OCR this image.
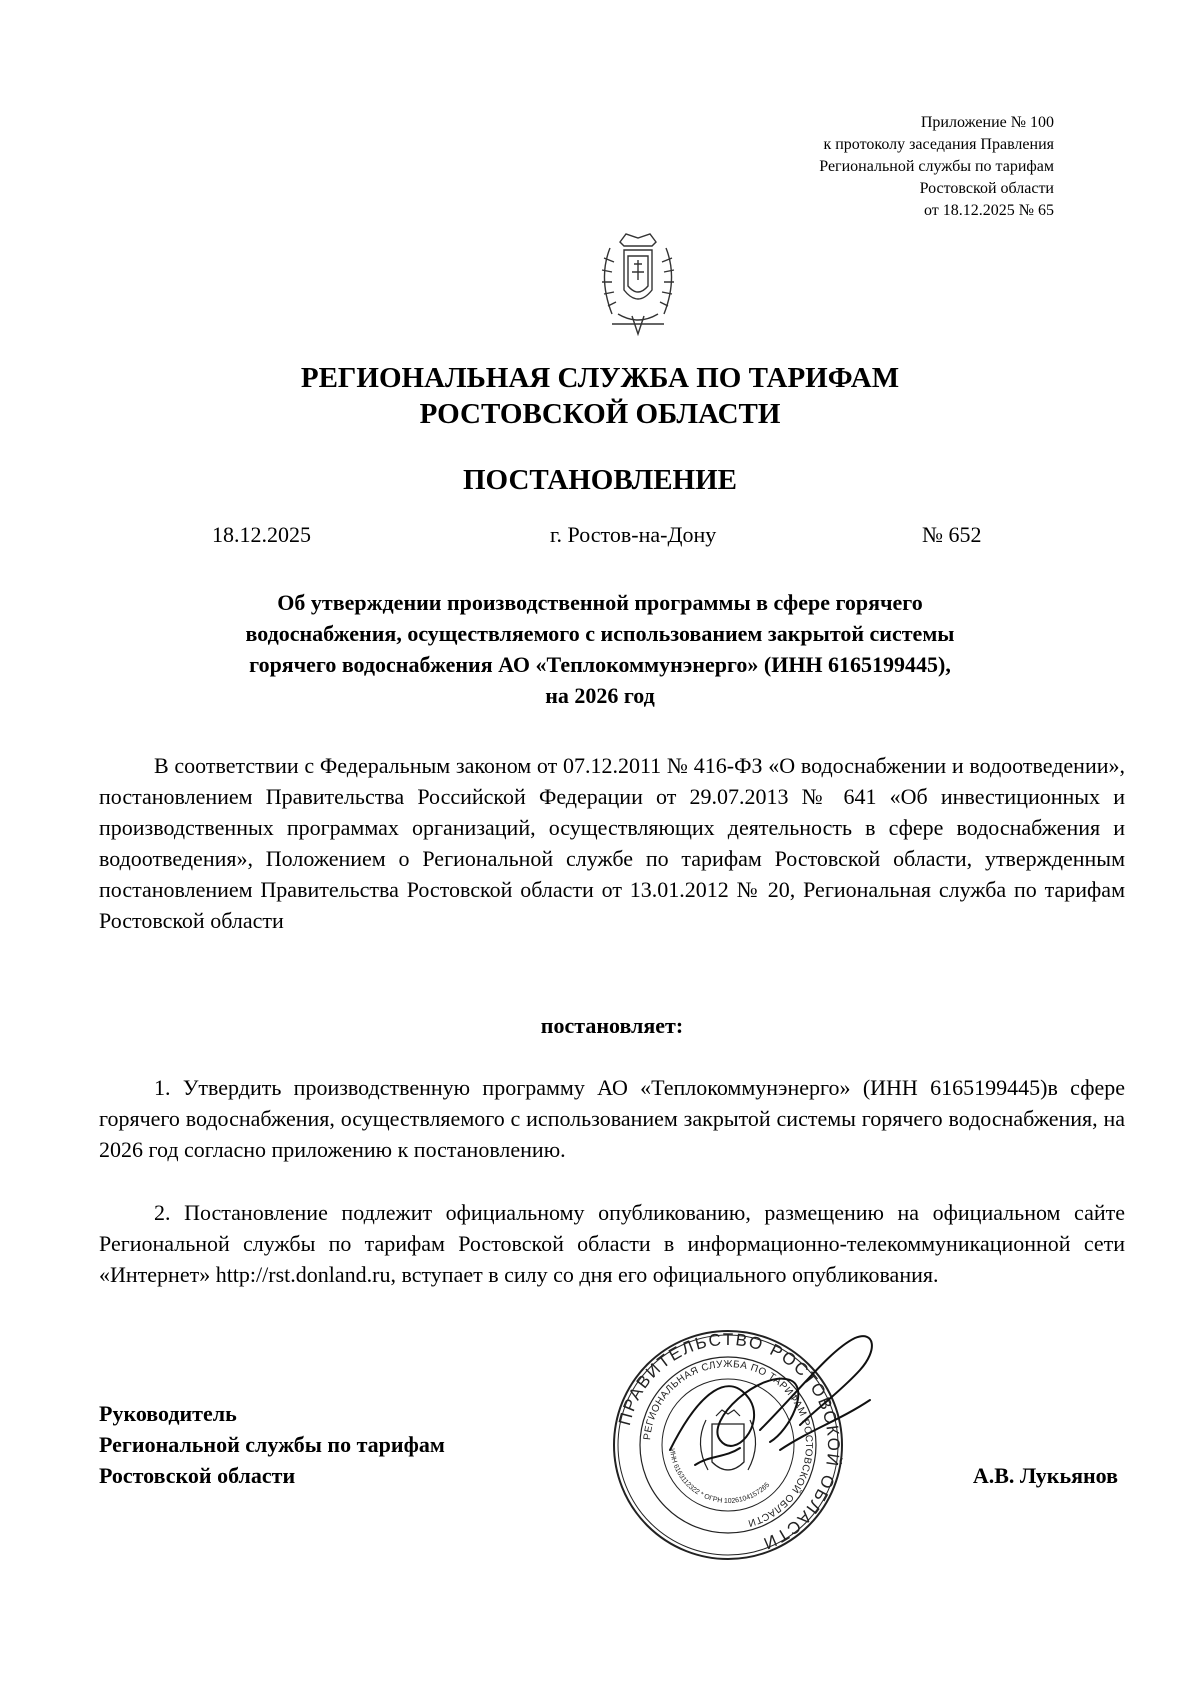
Приложение № 100
к протоколу заседания Правления
Региональной службы по тарифам
Ростовской области
от 18.12.2025 № 65
РЕГИОНАЛЬНАЯ СЛУЖБА ПО ТАРИФАМ
РОСТОВСКОЙ ОБЛАСТИ
ПОСТАНОВЛЕНИЕ
18.12.2025	г. Ростов-на-Дону	№ 652
Об утверждении производственной программы в сфере горячего
водоснабжения, осуществляемого с использованием закрытой системы
горячего водоснабжения АО «Теплокоммунэнерго» (ИНН 6165199445),
на 2026 год
В соответствии с Федеральным законом от 07.12.2011 № 416-ФЗ «О водоснабжении и водоотведении», постановлением Правительства Российской Федерации от 29.07.2013 № 641 «Об инвестиционных и производственных программах организаций, осуществляющих деятельность в сфере водоснабжения и водоотведения», Положением о Региональной службе по тарифам Ростовской области, утвержденным постановлением Правительства Ростовской области от 13.01.2012 № 20, Региональная служба по тарифам Ростовской области
постановляет:
1. Утвердить производственную программу АО «Теплокоммунэнерго» (ИНН 6165199445)в сфере горячего водоснабжения, осуществляемого с использованием закрытой системы горячего водоснабжения, на 2026 год согласно приложению к постановлению.
2. Постановление подлежит официальному опубликованию, размещению на официальном сайте Региональной службы по тарифам Ростовской области в информационно-телекоммуникационной сети «Интернет» http://rst.donland.ru, вступает в силу со дня его официального опубликования.
Руководитель
Региональной службы по тарифам
Ростовской области
ПРАВИТЕЛЬСТВО РОСТОВСКОЙ ОБЛАСТИ
РЕГИОНАЛЬНАЯ СЛУЖБА ПО ТАРИФАМ РОСТОВСКОЙ ОБЛАСТИ
ИНН 6163112322 * ОГРН 1026104157265	А.В. Лукьянов
